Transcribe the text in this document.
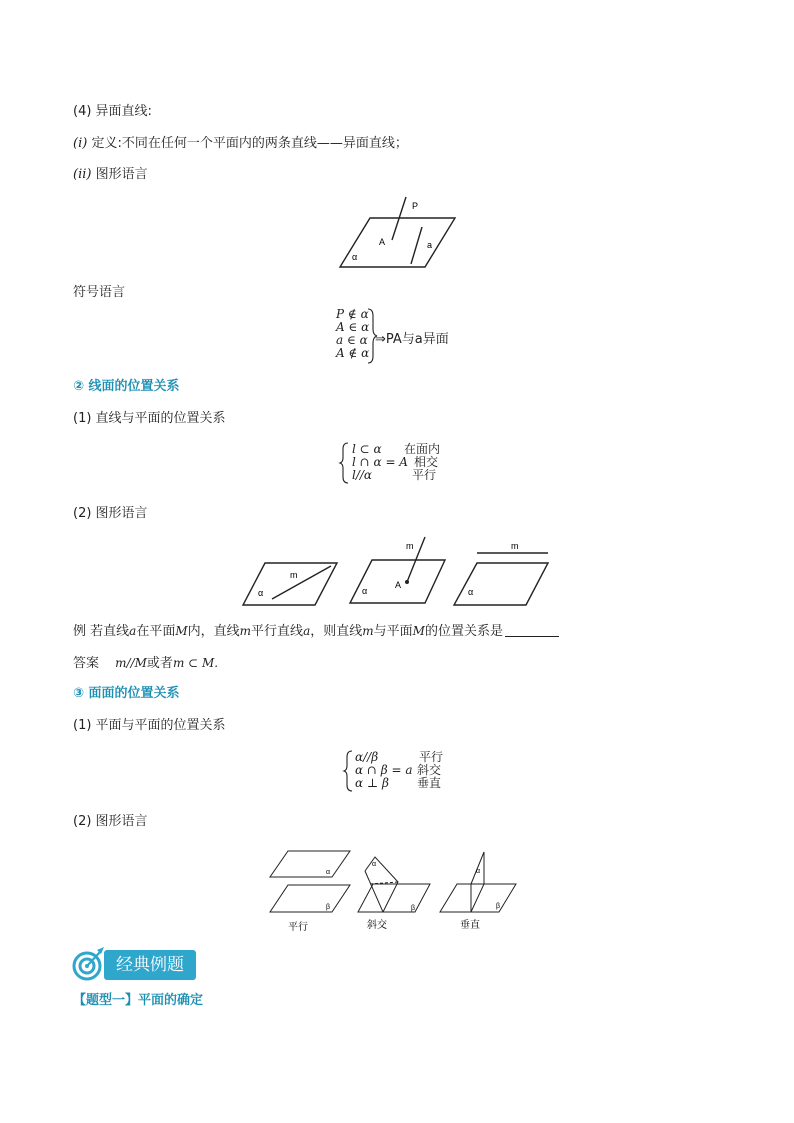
(4) 异面直线:
(i) 定义:不同在任何一个平面内的两条直线——异面直线；
(ii) 图形语言
P
A	a
α
符号语言
P ∉ α
A ∈ α
a ∈ α
A ∉ α
⇒PA与a异面
② 线面的位置关系
(1) 直线与平面的位置关系
l ⊂ α	在面内
l ∩ α = A 相交
l//α	平行
(2) 图形语言
m
α
m
A
α
m
α
例 若直线a在平面M内，直线m平行直线a，则直线m与平面M的位置关系是
答案 m//M或者m ⊂ M.
③ 面面的位置关系
(1) 平面与平面的位置关系
α//β	平行
α ∩ β = a 斜交
α ⊥ β	垂直
(2) 图形语言
α
β
平行
α
β
斜交
α
β
垂直
经典例题
【题型一】平面的确定
